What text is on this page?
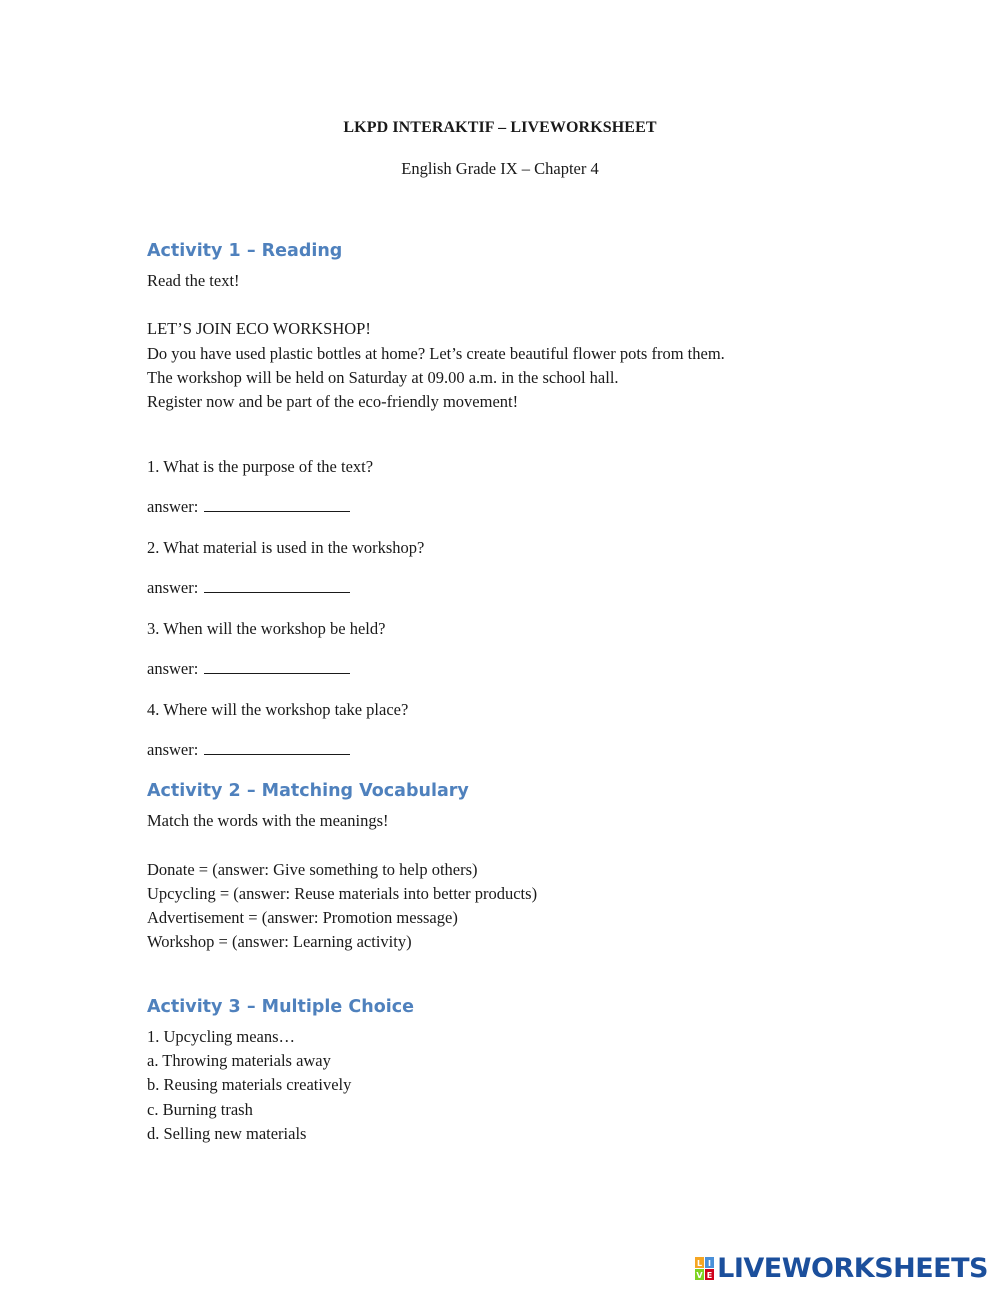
LKPD INTERAKTIF – LIVEWORKSHEET
English Grade IX – Chapter 4
Activity 1 – Reading
Read the text!
LET’S JOIN ECO WORKSHOP!
Do you have used plastic bottles at home? Let’s create beautiful flower pots from them.
The workshop will be held on Saturday at 09.00 a.m. in the school hall.
Register now and be part of the eco-friendly movement!
1. What is the purpose of the text?
answer:
2. What material is used in the workshop?
answer:
3. When will the workshop be held?
answer:
4. Where will the workshop take place?
answer:
Activity 2 – Matching Vocabulary
Match the words with the meanings!
Donate = (answer: Give something to help others)
Upcycling = (answer: Reuse materials into better products)
Advertisement = (answer: Promotion message)
Workshop = (answer: Learning activity)
Activity 3 – Multiple Choice
1. Upcycling means…
a. Throwing materials away
b. Reusing materials creatively
c. Burning trash
d. Selling new materials
L I
V E LIVEWORKSHEETS
